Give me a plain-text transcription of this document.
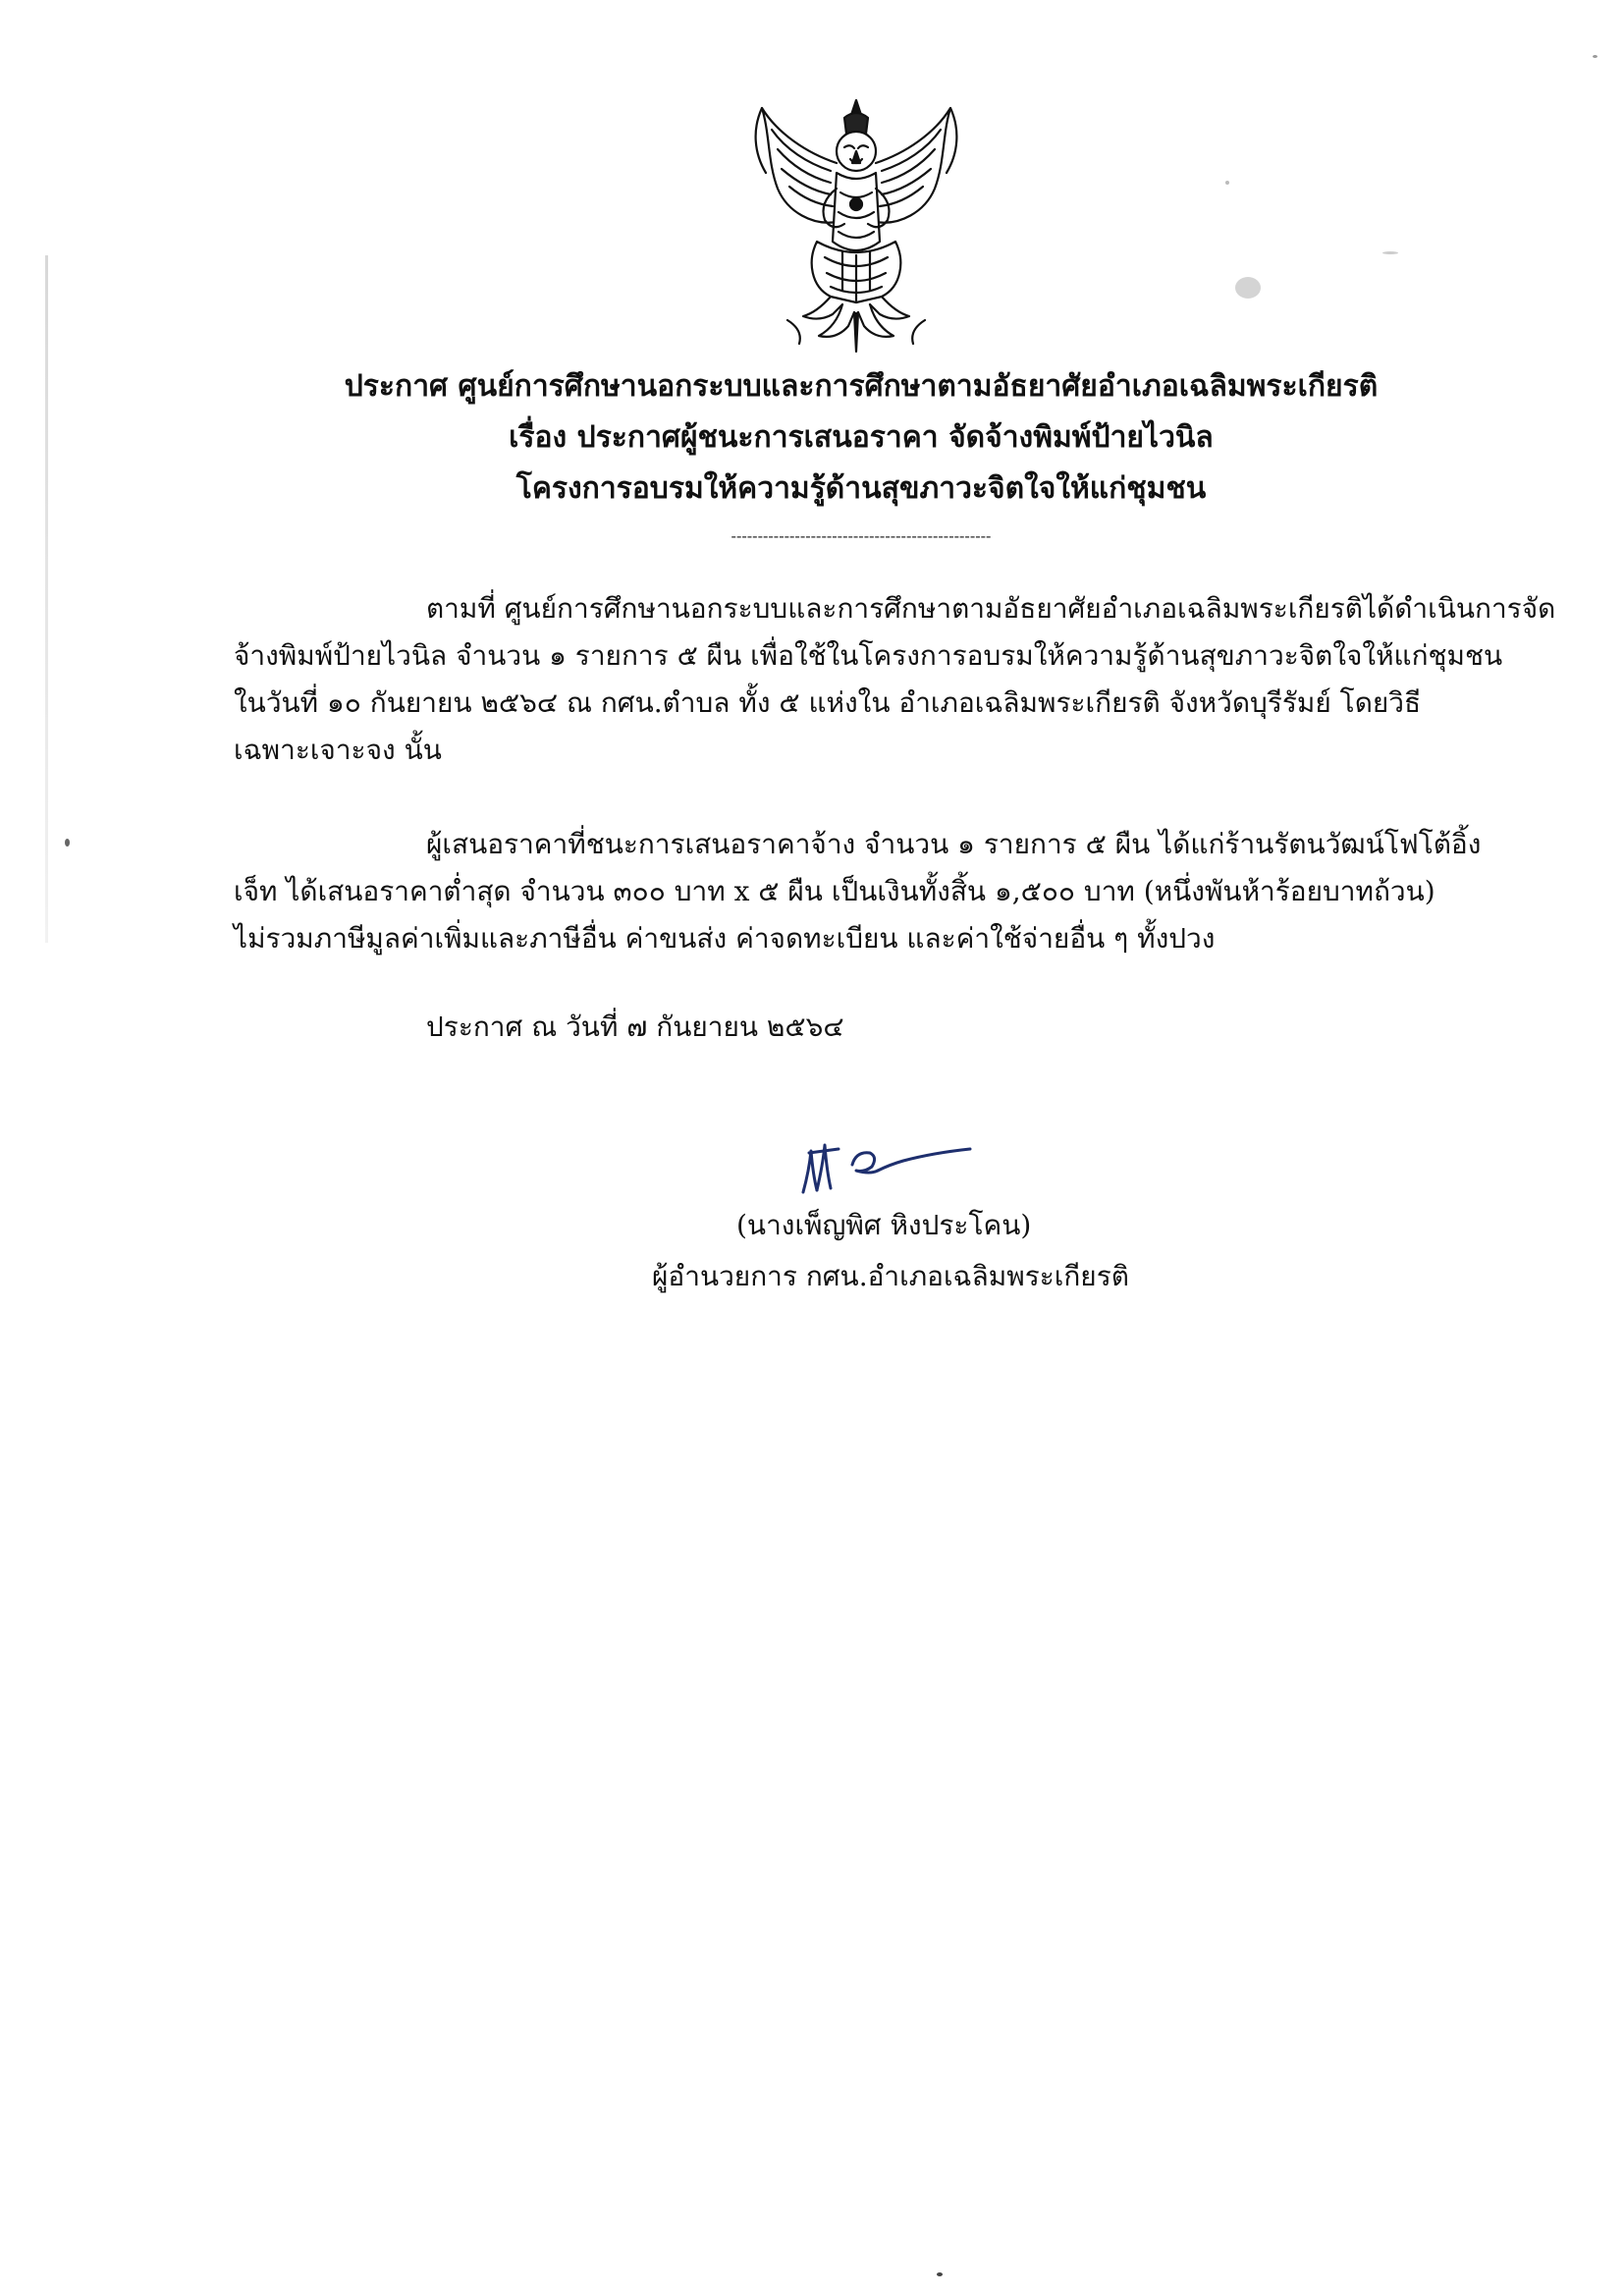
ประกาศ ศูนย์การศึกษานอกระบบและการศึกษาตามอัธยาศัยอำเภอเฉลิมพระเกียรติ
เรื่อง ประกาศผู้ชนะการเสนอราคา จัดจ้างพิมพ์ป้ายไวนิล
โครงการอบรมให้ความรู้ด้านสุขภาวะจิตใจให้แก่ชุมชน
-------------------------------------------------
ตามที่ ศูนย์การศึกษานอกระบบและการศึกษาตามอัธยาศัยอำเภอเฉลิมพระเกียรติได้ดำเนินการจัด
จ้างพิมพ์ป้ายไวนิล จำนวน ๑ รายการ ๕ ผืน เพื่อใช้ในโครงการอบรมให้ความรู้ด้านสุขภาวะจิตใจให้แก่ชุมชน
ในวันที่ ๑๐ กันยายน ๒๕๖๔ ณ กศน.ตำบล ทั้ง ๕ แห่งใน อำเภอเฉลิมพระเกียรติ จังหวัดบุรีรัมย์ โดยวิธี
เฉพาะเจาะจง นั้น
ผู้เสนอราคาที่ชนะการเสนอราคาจ้าง จำนวน ๑ รายการ ๕ ผืน ได้แก่ร้านรัตนวัฒน์โฟโต้อิ้ง
เจ็ท ได้เสนอราคาต่ำสุด จำนวน ๓๐๐ บาท x ๕ ผืน เป็นเงินทั้งสิ้น ๑,๕๐๐ บาท (หนึ่งพันห้าร้อยบาทถ้วน)
ไม่รวมภาษีมูลค่าเพิ่มและภาษีอื่น ค่าขนส่ง ค่าจดทะเบียน และค่าใช้จ่ายอื่น ๆ ทั้งปวง
ประกาศ ณ วันที่ ๗ กันยายน ๒๕๖๔
(นางเพ็ญพิศ หิงประโคน)
ผู้อำนวยการ กศน.อำเภอเฉลิมพระเกียรติ
